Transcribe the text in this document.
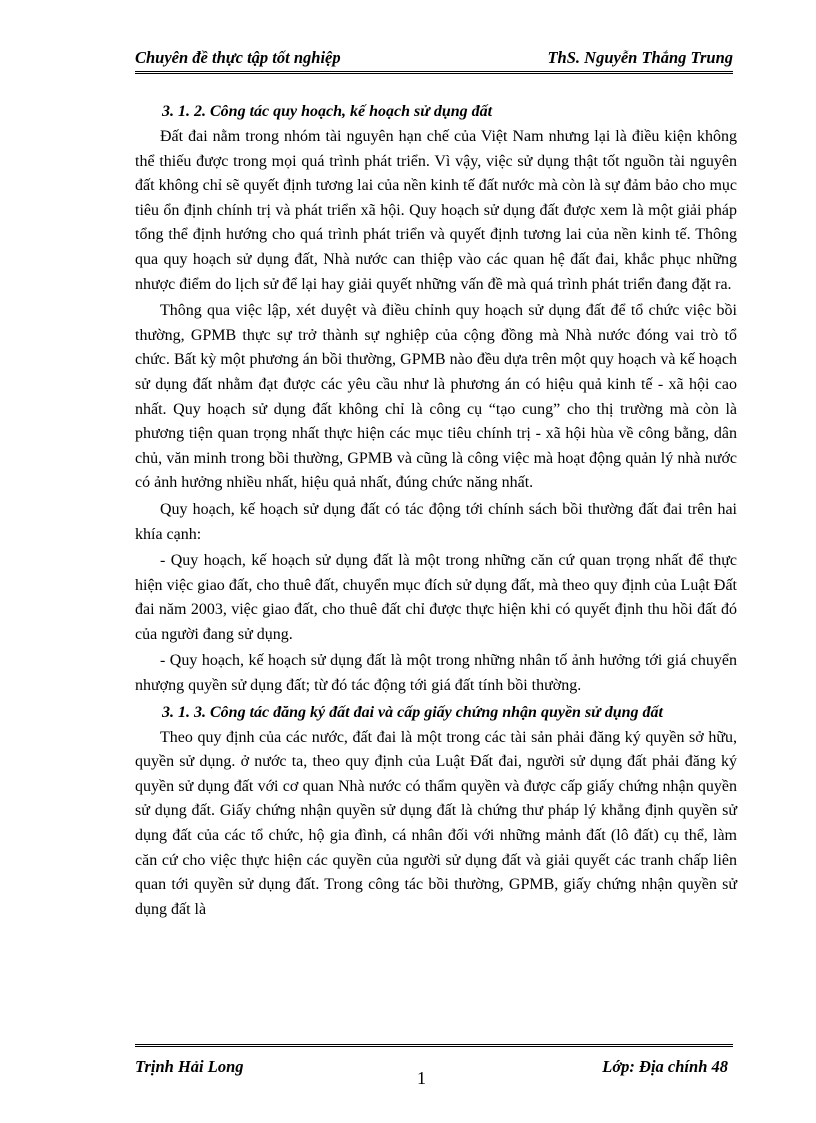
Chuyên đề thực tập tốt nghiệp	ThS. Nguyễn Thắng Trung
3. 1. 2. Công tác quy hoạch, kế hoạch sử dụng đất

Đất đai nằm trong nhóm tài nguyên hạn chế của Việt Nam nhưng lại là điều kiện không thể thiếu được trong mọi quá trình phát triển. Vì vậy, việc sử dụng thật tốt nguồn tài nguyên đất không chỉ sẽ quyết định tương lai của nền kinh tế đất nước mà còn là sự đảm bảo cho mục tiêu ổn định chính trị và phát triển xã hội. Quy hoạch sử dụng đất được xem là một giải pháp tổng thể định hướng cho quá trình phát triển và quyết định tương lai của nền kinh tế. Thông qua quy hoạch sử dụng đất, Nhà nước can thiệp vào các quan hệ đất đai, khắc phục những nhược điểm do lịch sử để lại hay giải quyết những vấn đề mà quá trình phát triển đang đặt ra.

Thông qua việc lập, xét duyệt và điều chỉnh quy hoạch sử dụng đất để tổ chức việc bồi thường, GPMB thực sự trở thành sự nghiệp của cộng đồng mà Nhà nước đóng vai trò tổ chức. Bất kỳ một phương án bồi thường, GPMB nào đều dựa trên một quy hoạch và kế hoạch sử dụng đất nhằm đạt được các yêu cầu như là phương án có hiệu quả kinh tế - xã hội cao nhất. Quy hoạch sử dụng đất không chỉ là công cụ “tạo cung” cho thị trường mà còn là phương tiện quan trọng nhất thực hiện các mục tiêu chính trị - xã hội hùa về công bằng, dân chủ, văn minh trong bồi thường, GPMB và cũng là công việc mà hoạt động quản lý nhà nước có ảnh hưởng nhiều nhất, hiệu quả nhất, đúng chức năng nhất.

Quy hoạch, kế hoạch sử dụng đất có tác động tới chính sách bồi thường đất đai trên hai khía cạnh:

- Quy hoạch, kế hoạch sử dụng đất là một trong những căn cứ quan trọng nhất để thực hiện việc giao đất, cho thuê đất, chuyển mục đích sử dụng đất, mà theo quy định của Luật Đất đai năm 2003, việc giao đất, cho thuê đất chỉ được thực hiện khi có quyết định thu hồi đất đó của người đang sử dụng.

- Quy hoạch, kế hoạch sử dụng đất là một trong những nhân tố ảnh hưởng tới giá chuyển nhượng quyền sử dụng đất; từ đó tác động tới giá đất tính bồi thường.

3. 1. 3. Công tác đăng ký đất đai và cấp giấy chứng nhận quyền sử dụng đất

Theo quy định của các nước, đất đai là một trong các tài sản phải đăng ký quyền sở hữu, quyền sử dụng. ở nước ta, theo quy định của Luật Đất đai, người sử dụng đất phải đăng ký quyền sử dụng đất với cơ quan Nhà nước có thẩm quyền và được cấp giấy chứng nhận quyền sử dụng đất. Giấy chứng nhận quyền sử dụng đất là chứng thư pháp lý khẳng định quyền sử dụng đất của các tổ chức, hộ gia đình, cá nhân đối với những mảnh đất (lô đất) cụ thể, làm căn cứ cho việc thực hiện các quyền của người sử dụng đất và giải quyết các tranh chấp liên quan tới quyền sử dụng đất. Trong công tác bồi thường, GPMB, giấy chứng nhận quyền sử dụng đất là

Trịnh Hải Long	Lớp: Địa chính 48
1
